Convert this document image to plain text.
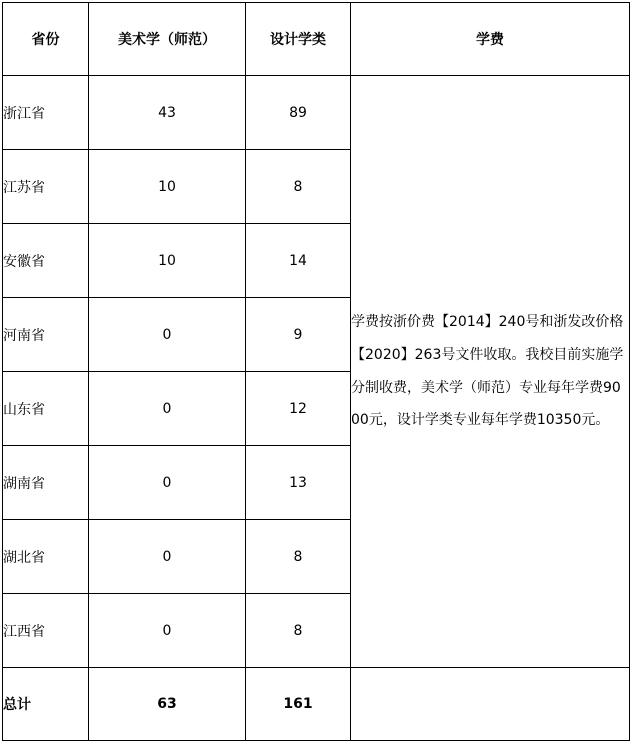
省份	美术学（师范）	设计学类	学费
浙江省	43	89	学费按浙价费【2014】240号和浙发改价格【2020】263号文件收取。我校目前实施学分制收费，美术学（师范）专业每年学费9000元，设计学类专业每年学费10350元。
江苏省	10	8	
安徽省	10	14	
河南省	0	9	
山东省	0	12	
湖南省	0	13	
湖北省	0	8	
江西省	0	8	
总计	63	161	
